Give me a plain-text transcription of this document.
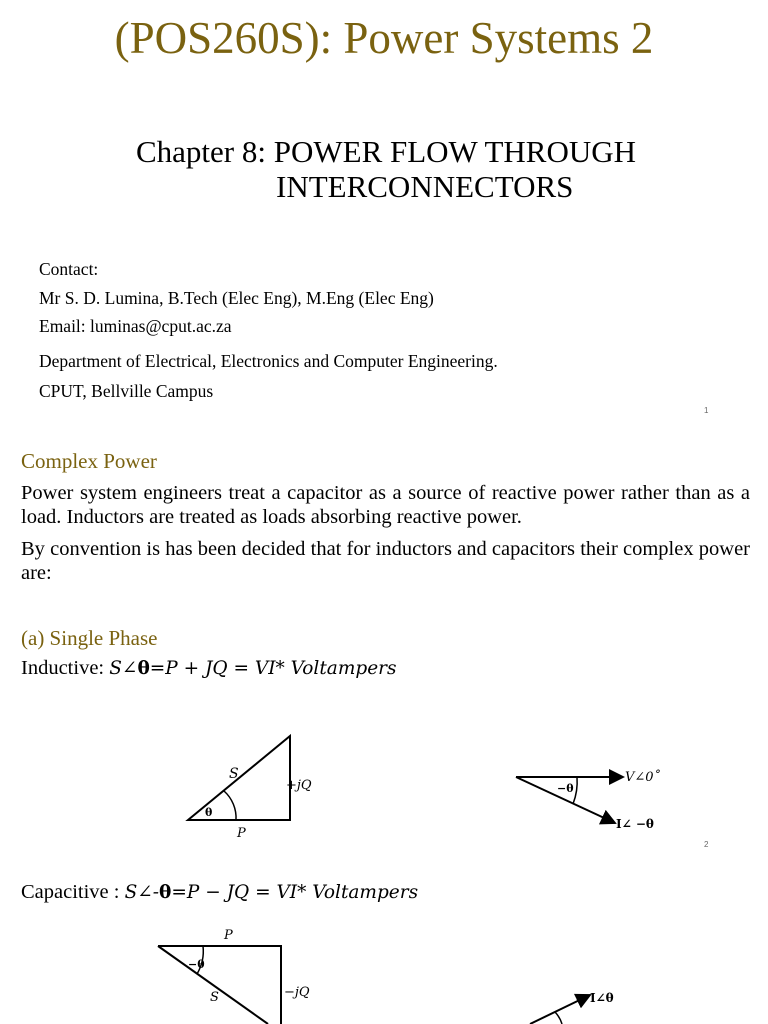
(POS260S): Power Systems 2
Chapter 8: POWER FLOW THROUGH
INTERCONNECTORS
Contact:
Mr S. D. Lumina, B.Tech (Elec Eng), M.Eng (Elec Eng)
Email: luminas@cput.ac.za
Department of Electrical, Electronics and Computer Engineering.
CPUT, Bellville Campus
1
Complex Power
Power system engineers treat a capacitor as a source of reactive power rather than as a load. Inductors are treated as loads absorbing reactive power.
By convention is has been decided that for inductors and capacitors their complex power are:
(a) Single Phase
Inductive: S∠θ=P + JQ = VI* Voltampers
S
θ
P
+jQ
V∠0˚
−θ
I∠ −θ
2
Capacitive : S∠-θ=P − JQ = VI* Voltampers
P
−θ
S	−jQ	I∠θ
